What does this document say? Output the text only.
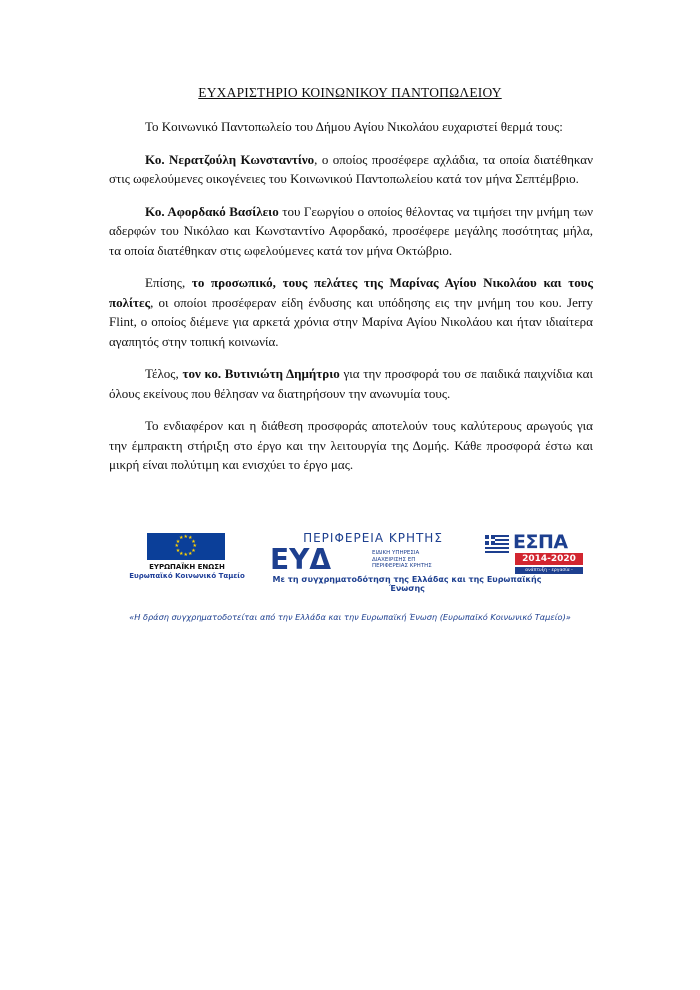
ΕΥΧΑΡΙΣΤΗΡΙΟ ΚΟΙΝΩΝΙΚΟΥ ΠΑΝΤΟΠΩΛΕΙΟΥ

Το Κοινωνικό Παντοπωλείο του Δήμου Αγίου Νικολάου ευχαριστεί θερμά τους:

Κο. Νερατζούλη Κωνσταντίνο, ο οποίος προσέφερε αχλάδια, τα οποία διατέθηκαν στις ωφελούμενες οικογένειες του Κοινωνικού Παντοπωλείου κατά τον μήνα Σεπτέμβριο.

Κο. Αφορδακό Βασίλειο του Γεωργίου ο οποίος θέλοντας να τιμήσει την μνήμη των αδερφών του Νικόλαο και Κωνσταντίνο Αφορδακό, προσέφερε μεγάλης ποσότητας μήλα, τα οποία διατέθηκαν στις ωφελούμενες κατά τον μήνα Οκτώβριο.

Επίσης, το προσωπικό, τους πελάτες της Μαρίνας Αγίου Νικολάου και τους πολίτες, οι οποίοι προσέφεραν είδη ένδυσης και υπόδησης εις την μνήμη του κου. Jerry Flint, ο οποίος διέμενε για αρκετά χρόνια στην Μαρίνα Αγίου Νικολάου και ήταν ιδιαίτερα αγαπητός στην τοπική κοινωνία.

Τέλος, τον κο. Βυτινιώτη Δημήτριο για την προσφορά του σε παιδικά παιχνίδια και όλους εκείνους που θέλησαν να διατηρήσουν την ανωνυμία τους.

Το ενδιαφέρον και η διάθεση προσφοράς αποτελούν τους καλύτερους αρωγούς για την έμπρακτη στήριξη στο έργο και την λειτουργία της Δομής. Κάθε προσφορά έστω και μικρή είναι πολύτιμη και ενισχύει το έργο μας.

★
★
★
★
★
★
★
★
★ ★ ★
★
ΕΥΡΩΠΑΪΚΗ ΕΝΩΣΗ
Ευρωπαϊκό Κοινωνικό Ταμείο
ΠΕΡΙΦΕΡΕΙΑ ΚΡΗΤΗΣ
ΕΥΔ	ΕΙΔΙΚΗ ΥΠΗΡΕΣΙΑ
ΔΙΑΧΕΙΡΙΣΗΣ ΕΠ
ΠΕΡΙΦΕΡΕΙΑΣ ΚΡΗΤΗΣ
ΕΣΠΑ
2014-2020
ανάπτυξη - εργασία - αλληλεγγύη
Με τη συγχρηματοδότηση της Ελλάδας και της Ευρωπαϊκής Ένωσης
«Η δράση συγχρηματοδοτείται από την Ελλάδα και την Ευρωπαϊκή Ένωση (Ευρωπαϊκό Κοινωνικό Ταμείο)»
